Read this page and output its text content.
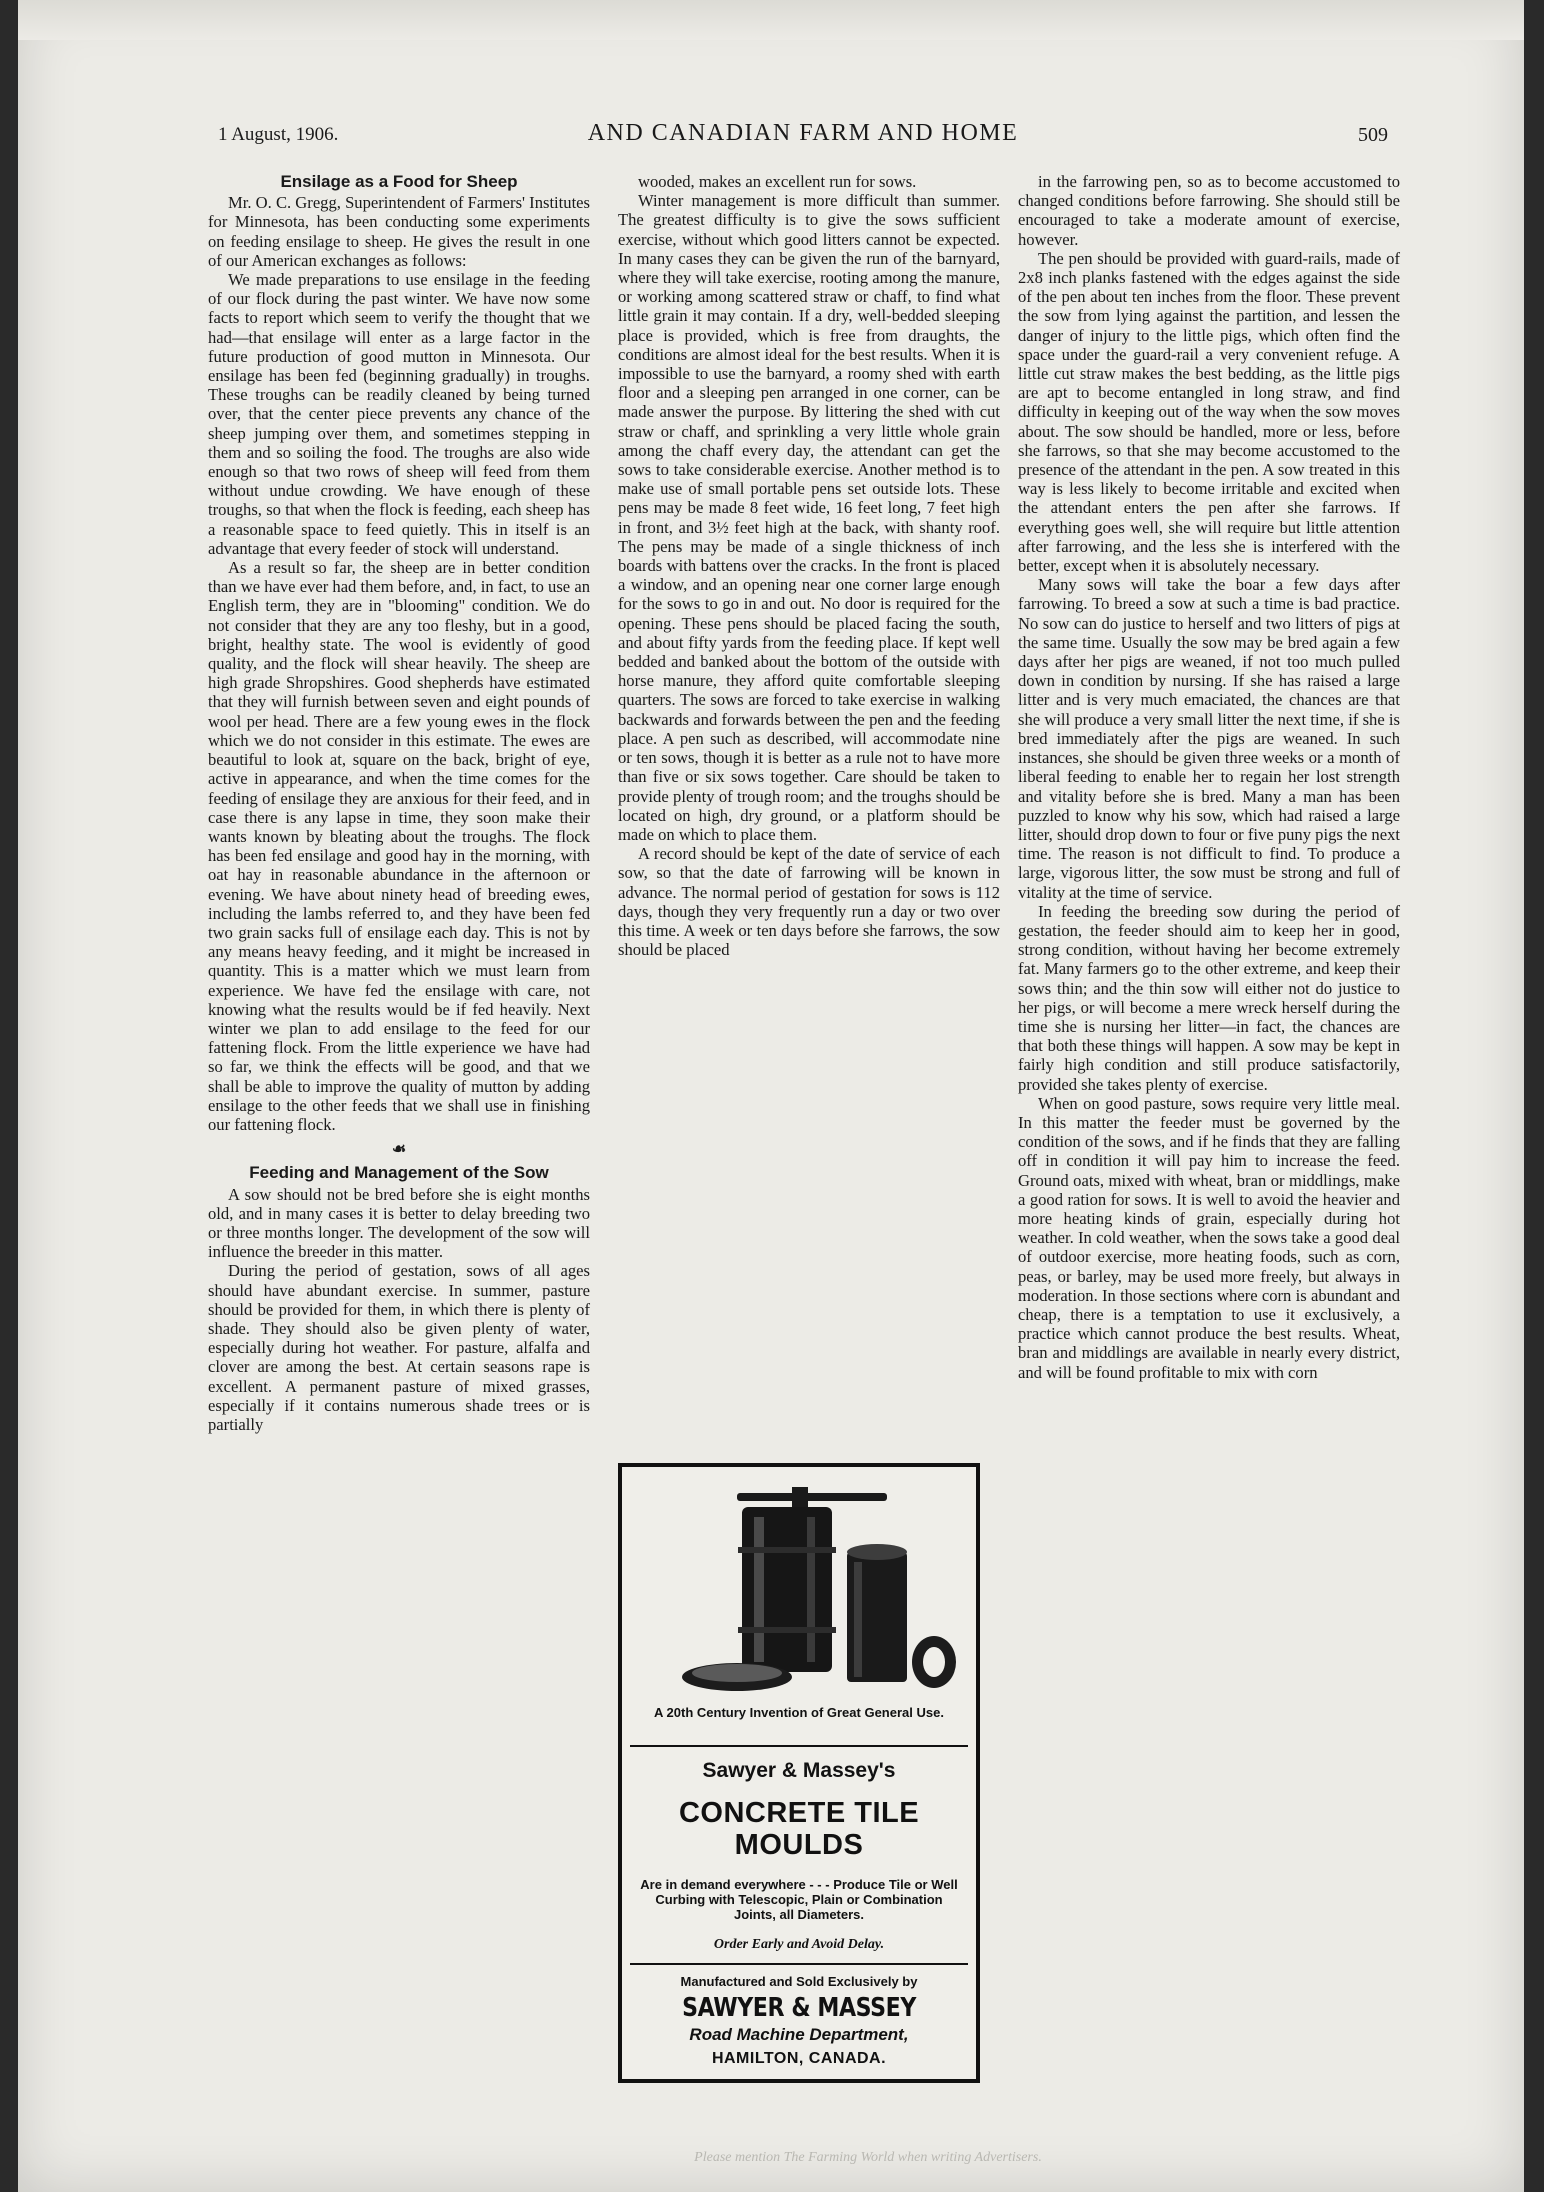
1 August, 1906.	AND CANADIAN FARM AND HOME	509
Ensilage as a Food for Sheep

Mr. O. C. Gregg, Superintendent of Farmers' Institutes for Minnesota, has been conducting some experiments on feeding ensilage to sheep. He gives the result in one of our American exchanges as follows:

We made preparations to use ensilage in the feeding of our flock during the past winter. We have now some facts to report which seem to verify the thought that we had—that ensilage will enter as a large factor in the future production of good mutton in Minnesota. Our ensilage has been fed (beginning gradually) in troughs. These troughs can be readily cleaned by being turned over, that the center piece prevents any chance of the sheep jumping over them, and sometimes stepping in them and so soiling the food. The troughs are also wide enough so that two rows of sheep will feed from them without undue crowding. We have enough of these troughs, so that when the flock is feeding, each sheep has a reasonable space to feed quietly. This in itself is an advantage that every feeder of stock will understand.

As a result so far, the sheep are in better condition than we have ever had them before, and, in fact, to use an English term, they are in "blooming" condition. We do not consider that they are any too fleshy, but in a good, bright, healthy state. The wool is evidently of good quality, and the flock will shear heavily. The sheep are high grade Shropshires. Good shepherds have estimated that they will furnish between seven and eight pounds of wool per head. There are a few young ewes in the flock which we do not consider in this estimate. The ewes are beautiful to look at, square on the back, bright of eye, active in appearance, and when the time comes for the feeding of ensilage they are anxious for their feed, and in case there is any lapse in time, they soon make their wants known by bleating about the troughs. The flock has been fed ensilage and good hay in the morning, with oat hay in reasonable abundance in the afternoon or evening. We have about ninety head of breeding ewes, including the lambs referred to, and they have been fed two grain sacks full of ensilage each day. This is not by any means heavy feeding, and it might be increased in quantity. This is a matter which we must learn from experience. We have fed the ensilage with care, not knowing what the results would be if fed heavily. Next winter we plan to add ensilage to the feed for our fattening flock. From the little experience we have had so far, we think the effects will be good, and that we shall be able to improve the quality of mutton by adding ensilage to the other feeds that we shall use in finishing our fattening flock.

☙
Feeding and Management of the Sow

A sow should not be bred before she is eight months old, and in many cases it is better to delay breeding two or three months longer. The development of the sow will influence the breeder in this matter.

During the period of gestation, sows of all ages should have abundant exercise. In summer, pasture should be provided for them, in which there is plenty of shade. They should also be given plenty of water, especially during hot weather. For pasture, alfalfa and clover are among the best. At certain seasons rape is excellent. A permanent pasture of mixed grasses, especially if it contains numerous shade trees or is partially

wooded, makes an excellent run for sows.

Winter management is more difficult than summer. The greatest difficulty is to give the sows sufficient exercise, without which good litters cannot be expected. In many cases they can be given the run of the barnyard, where they will take exercise, rooting among the manure, or working among scattered straw or chaff, to find what little grain it may contain. If a dry, well-bedded sleeping place is provided, which is free from draughts, the conditions are almost ideal for the best results. When it is impossible to use the barnyard, a roomy shed with earth floor and a sleeping pen arranged in one corner, can be made answer the purpose. By littering the shed with cut straw or chaff, and sprinkling a very little whole grain among the chaff every day, the attendant can get the sows to take considerable exercise. Another method is to make use of small portable pens set outside lots. These pens may be made 8 feet wide, 16 feet long, 7 feet high in front, and 3½ feet high at the back, with shanty roof. The pens may be made of a single thickness of inch boards with battens over the cracks. In the front is placed a window, and an opening near one corner large enough for the sows to go in and out. No door is required for the opening. These pens should be placed facing the south, and about fifty yards from the feeding place. If kept well bedded and banked about the bottom of the outside with horse manure, they afford quite comfortable sleeping quarters. The sows are forced to take exercise in walking backwards and forwards between the pen and the feeding place. A pen such as described, will accommodate nine or ten sows, though it is better as a rule not to have more than five or six sows together. Care should be taken to provide plenty of trough room; and the troughs should be located on high, dry ground, or a platform should be made on which to place them.

A record should be kept of the date of service of each sow, so that the date of farrowing will be known in advance. The normal period of gestation for sows is 112 days, though they very frequently run a day or two over this time. A week or ten days before she farrows, the sow should be placed

A 20th Century Invention of Great General Use.
Sawyer & Massey's
CONCRETE TILE
MOULDS
Are in demand everywhere - - - Produce Tile or Well Curbing with Telescopic, Plain or Combination Joints, all Diameters.
Order Early and Avoid Delay.
Manufactured and Sold Exclusively by
SAWYER & MASSEY
Road Machine Department,
HAMILTON, CANADA.

in the farrowing pen, so as to become accustomed to changed conditions before farrowing. She should still be encouraged to take a moderate amount of exercise, however.

The pen should be provided with guard-rails, made of 2x8 inch planks fastened with the edges against the side of the pen about ten inches from the floor. These prevent the sow from lying against the partition, and lessen the danger of injury to the little pigs, which often find the space under the guard-rail a very convenient refuge. A little cut straw makes the best bedding, as the little pigs are apt to become entangled in long straw, and find difficulty in keeping out of the way when the sow moves about. The sow should be handled, more or less, before she farrows, so that she may become accustomed to the presence of the attendant in the pen. A sow treated in this way is less likely to become irritable and excited when the attendant enters the pen after she farrows. If everything goes well, she will require but little attention after farrowing, and the less she is interfered with the better, except when it is absolutely necessary.

Many sows will take the boar a few days after farrowing. To breed a sow at such a time is bad practice. No sow can do justice to herself and two litters of pigs at the same time. Usually the sow may be bred again a few days after her pigs are weaned, if not too much pulled down in condition by nursing. If she has raised a large litter and is very much emaciated, the chances are that she will produce a very small litter the next time, if she is bred immediately after the pigs are weaned. In such instances, she should be given three weeks or a month of liberal feeding to enable her to regain her lost strength and vitality before she is bred. Many a man has been puzzled to know why his sow, which had raised a large litter, should drop down to four or five puny pigs the next time. The reason is not difficult to find. To produce a large, vigorous litter, the sow must be strong and full of vitality at the time of service.

In feeding the breeding sow during the period of gestation, the feeder should aim to keep her in good, strong condition, without having her become extremely fat. Many farmers go to the other extreme, and keep their sows thin; and the thin sow will either not do justice to her pigs, or will become a mere wreck herself during the time she is nursing her litter—in fact, the chances are that both these things will happen. A sow may be kept in fairly high condition and still produce satisfactorily, provided she takes plenty of exercise.

When on good pasture, sows require very little meal. In this matter the feeder must be governed by the condition of the sows, and if he finds that they are falling off in condition it will pay him to increase the feed. Ground oats, mixed with wheat, bran or middlings, make a good ration for sows. It is well to avoid the heavier and more heating kinds of grain, especially during hot weather. In cold weather, when the sows take a good deal of outdoor exercise, more heating foods, such as corn, peas, or barley, may be used more freely, but always in moderation. In those sections where corn is abundant and cheap, there is a temptation to use it exclusively, a practice which cannot produce the best results. Wheat, bran and middlings are available in nearly every district, and will be found profitable to mix with corn

Please mention The Farming World when writing Advertisers.
